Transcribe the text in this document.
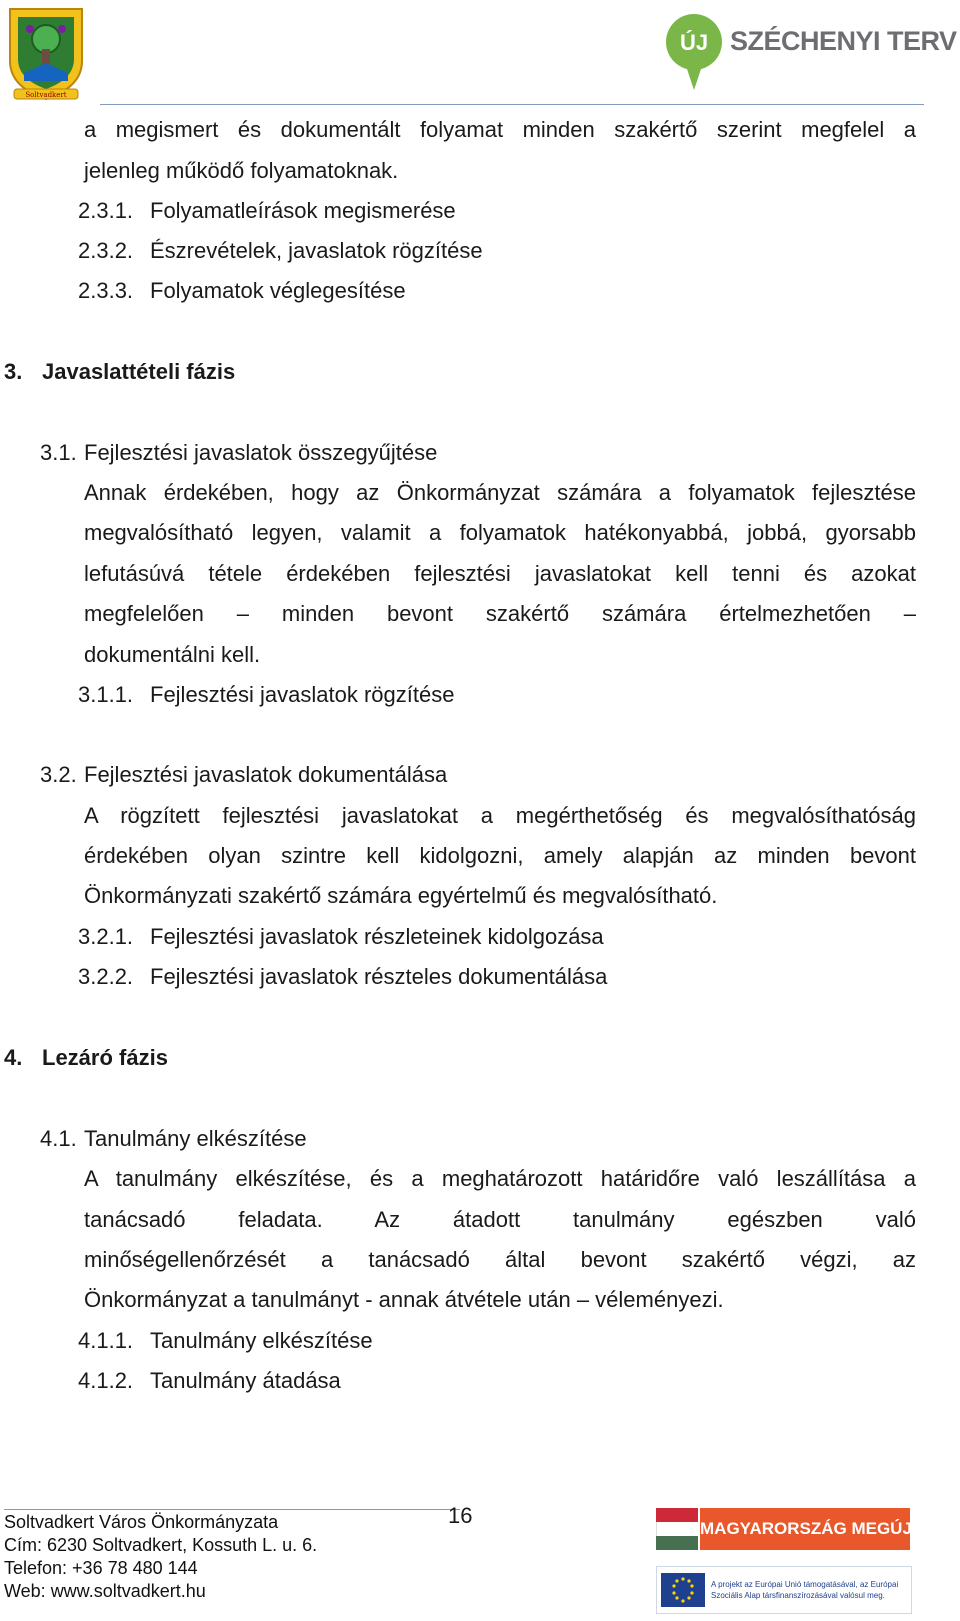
Soltvadkert
ÚJ SZÉCHENYI TERV
a megismert és dokumentált folyamat minden szakértő szerint megfelel a
jelenleg működő folyamatoknak.
2.3.1. Folyamatleírások megismerése
2.3.2. Észrevételek, javaslatok rögzítése
2.3.3. Folyamatok véglegesítése
3. Javaslattételi fázis
3.1. Fejlesztési javaslatok összegyűjtése
Annak érdekében, hogy az Önkormányzat számára a folyamatok fejlesztése
megvalósítható legyen, valamit a folyamatok hatékonyabbá, jobbá, gyorsabb
lefutásúvá tétele érdekében fejlesztési javaslatokat kell tenni és azokat
megfelelően – minden bevont szakértő számára értelmezhetően –
dokumentálni kell.
3.1.1. Fejlesztési javaslatok rögzítése
3.2. Fejlesztési javaslatok dokumentálása
A rögzített fejlesztési javaslatokat a megérthetőség és megvalósíthatóság
érdekében olyan szintre kell kidolgozni, amely alapján az minden bevont
Önkormányzati szakértő számára egyértelmű és megvalósítható.
3.2.1. Fejlesztési javaslatok részleteinek kidolgozása
3.2.2. Fejlesztési javaslatok részteles dokumentálása
4. Lezáró fázis
4.1. Tanulmány elkészítése
A tanulmány elkészítése, és a meghatározott határidőre való leszállítása a
tanácsadó feladata. Az átadott tanulmány egészben való
minőségellenőrzését a tanácsadó által bevont szakértő végzi, az
Önkormányzat a tanulmányt - annak átvétele után – véleményezi.
4.1.1. Tanulmány elkészítése
4.1.2. Tanulmány átadása
16
Soltvadkert Város Önkormányzata
Cím: 6230 Soltvadkert, Kossuth L. u. 6.
Telefon: +36 78 480 144
Web: www.soltvadkert.hu
MAGYARORSZÁG MEGÚJUL
A projekt az Európai Unió támogatásával, az Európai
Szociális Alap társfinanszírozásával valósul meg.
